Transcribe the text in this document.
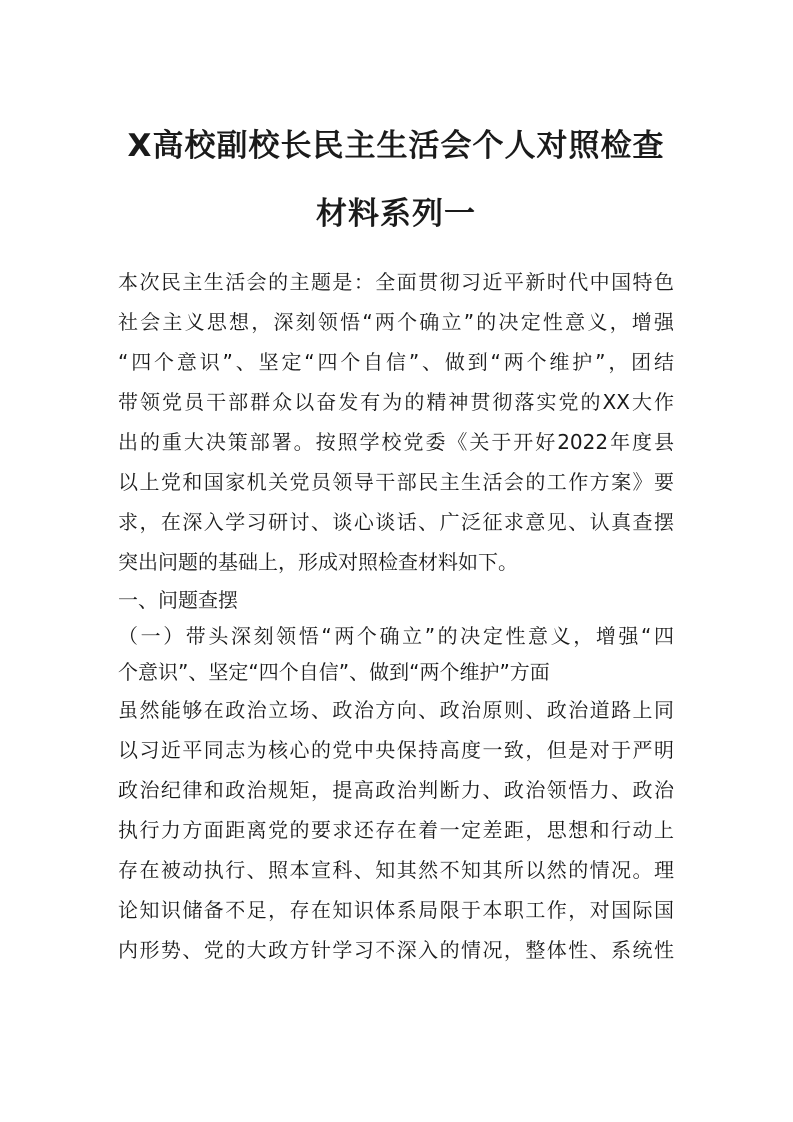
X高校副校长民主生活会个人对照检查
材料系列一
本次民主生活会的主题是：全面贯彻习近平新时代中国特色
社会主义思想，深刻领悟“两个确立”的决定性意义，增强
“四个意识”、坚定“四个自信”、做到“两个维护”，团结
带领党员干部群众以奋发有为的精神贯彻落实党的XX大作
出的重大决策部署。按照学校党委《关于开好2022年度县
以上党和国家机关党员领导干部民主生活会的工作方案》要
求，在深入学习研讨、谈心谈话、广泛征求意见、认真查摆
突出问题的基础上，形成对照检查材料如下。
一、问题查摆
（一）带头深刻领悟“两个确立”的决定性意义，增强“四
个意识”、坚定“四个自信”、做到“两个维护”方面
虽然能够在政治立场、政治方向、政治原则、政治道路上同
以习近平同志为核心的党中央保持高度一致，但是对于严明
政治纪律和政治规矩，提高政治判断力、政治领悟力、政治
执行力方面距离党的要求还存在着一定差距，思想和行动上
存在被动执行、照本宣科、知其然不知其所以然的情况。理
论知识储备不足，存在知识体系局限于本职工作，对国际国
内形势、党的大政方针学习不深入的情况，整体性、系统性
